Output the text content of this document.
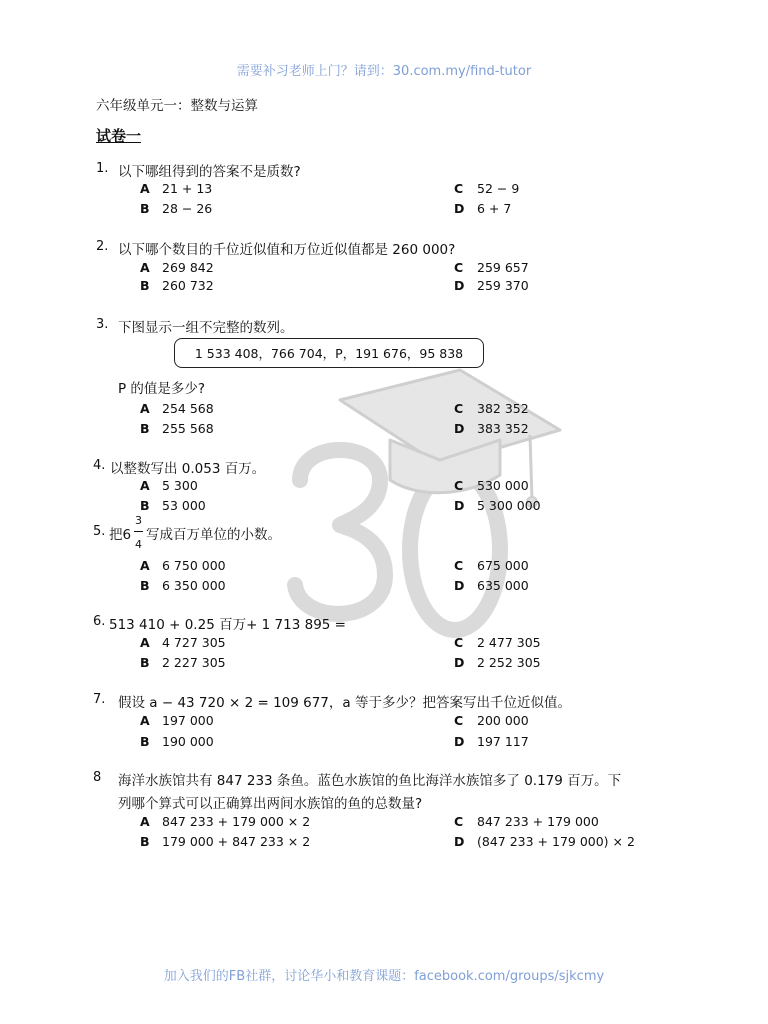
需要补习老师上门？请到：30.com.my/find-tutor
六年级单元一：整数与运算
试卷一
1. 以下哪组得到的答案不是质数?
A 21 + 13
B 28 − 26
C 52 − 9
D 6 + 7
2. 以下哪个数目的千位近似值和万位近似值都是 260 000?
A 269 842
B 260 732
C 259 657
D 259 370
3. 下图显示一组不完整的数列。
1 533 408，766 704，P，191 676，95 838
P 的值是多少?
A 254 568
B 255 568
C 382 352
D 383 352
4. 以整数写出 0.053 百万。
A 5 300
B 53 000
C 530 000
D 5 300 000
5. 把6
3
4
写成百万单位的小数。
A 6 750 000
B 6 350 000
C 675 000
D 635 000
6. 513 410 + 0.25 百万+ 1 713 895 =
A 4 727 305
B 2 227 305
C 2 477 305
D 2 252 305
7. 假设 a − 43 720 × 2 = 109 677，a 等于多少？把答案写出千位近似值。
A 197 000
B 190 000
C 200 000
D 197 117
8 海洋水族馆共有 847 233 条鱼。蓝色水族馆的鱼比海洋水族馆多了 0.179 百万。下
列哪个算式可以正确算出两间水族馆的鱼的总数量?
A 847 233 + 179 000 × 2
B 179 000 + 847 233 × 2
C 847 233 + 179 000
D (847 233 + 179 000) × 2
加入我们的FB社群，讨论华小和教育课题：facebook.com/groups/sjkcmy
